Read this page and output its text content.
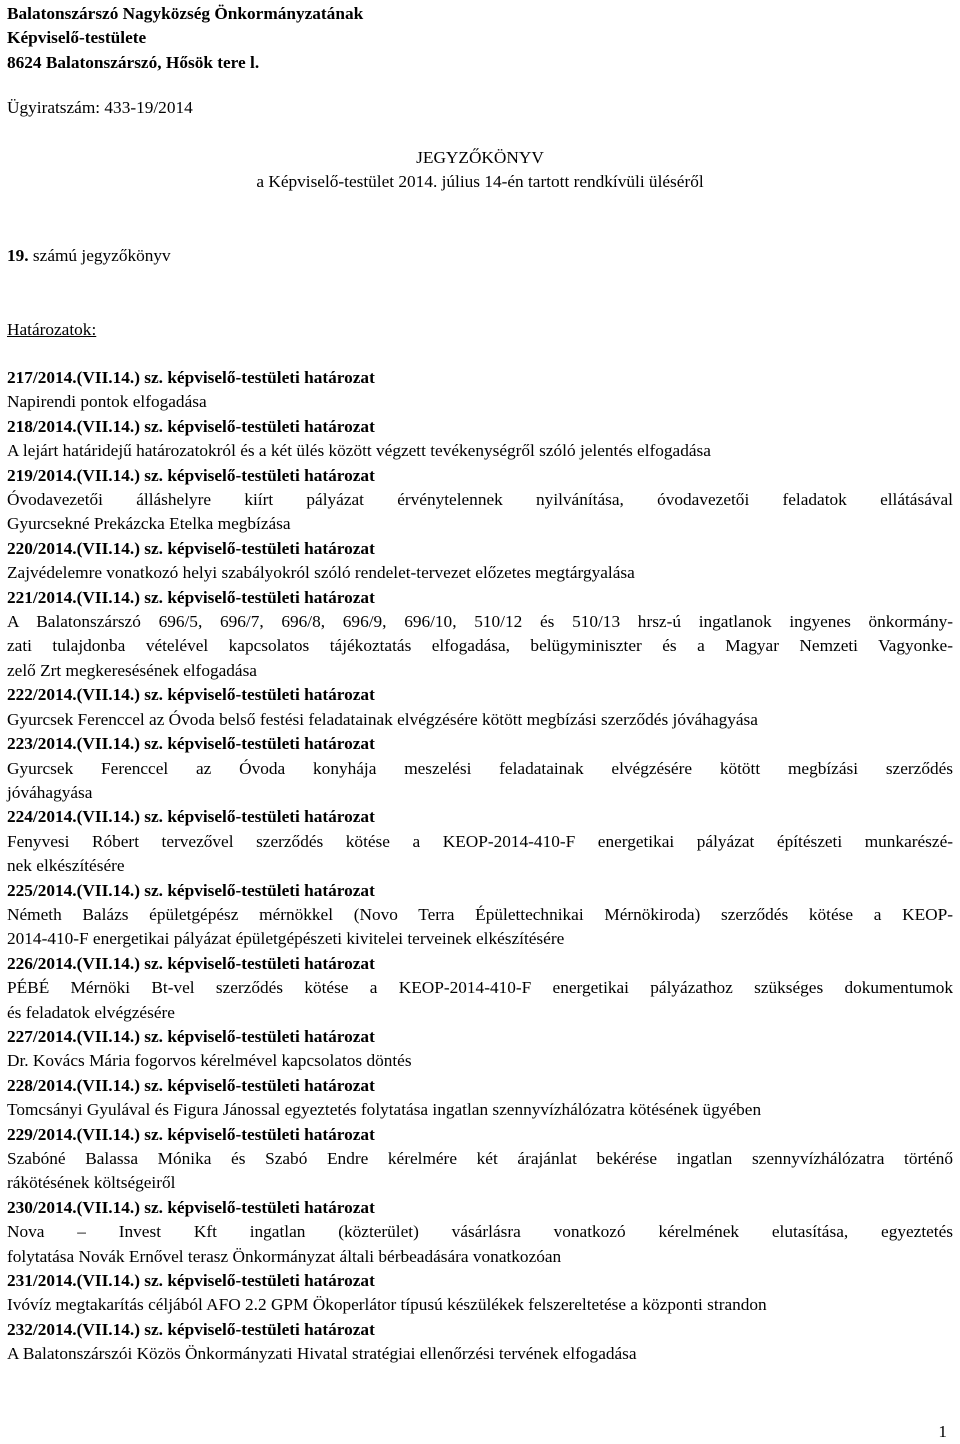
Balatonszárszó Nagyközség Önkormányzatának
Képviselő-testülete
8624 Balatonszárszó, Hősök tere l.
Ügyiratszám: 433-19/2014
JEGYZŐKÖNYV
a Képviselő-testület 2014. július 14-én tartott rendkívüli üléséről
19. számú jegyzőkönyv
Határozatok:
217/2014.(VII.14.) sz. képviselő-testületi határozat
Napirendi pontok elfogadása
218/2014.(VII.14.) sz. képviselő-testületi határozat
A lejárt határidejű határozatokról és a két ülés között végzett tevékenységről szóló jelentés elfogadása
219/2014.(VII.14.) sz. képviselő-testületi határozat
Óvodavezetői álláshelyre kiírt pályázat érvénytelennek nyilvánítása, óvodavezetői feladatok ellátásával
Gyurcsekné Prekázcka Etelka megbízása
220/2014.(VII.14.) sz. képviselő-testületi határozat
Zajvédelemre vonatkozó helyi szabályokról szóló rendelet-tervezet előzetes megtárgyalása
221/2014.(VII.14.) sz. képviselő-testületi határozat
A Balatonszárszó 696/5, 696/7, 696/8, 696/9, 696/10, 510/12 és 510/13 hrsz-ú ingatlanok ingyenes önkormány-
zati tulajdonba vételével kapcsolatos tájékoztatás elfogadása, belügyminiszter és a Magyar Nemzeti Vagyonke-
zelő Zrt megkeresésének elfogadása
222/2014.(VII.14.) sz. képviselő-testületi határozat
Gyurcsek Ferenccel az Óvoda belső festési feladatainak elvégzésére kötött megbízási szerződés jóváhagyása
223/2014.(VII.14.) sz. képviselő-testületi határozat
Gyurcsek Ferenccel az Óvoda konyhája meszelési feladatainak elvégzésére kötött megbízási szerződés
jóváhagyása
224/2014.(VII.14.) sz. képviselő-testületi határozat
Fenyvesi Róbert tervezővel szerződés kötése a KEOP-2014-410-F energetikai pályázat építészeti munkarészé-
nek elkészítésére
225/2014.(VII.14.) sz. képviselő-testületi határozat
Németh Balázs épületgépész mérnökkel (Novo Terra Épülettechnikai Mérnökiroda) szerződés kötése a KEOP-
2014-410-F energetikai pályázat épületgépészeti kivitelei terveinek elkészítésére
226/2014.(VII.14.) sz. képviselő-testületi határozat
PÉBÉ Mérnöki Bt-vel szerződés kötése a KEOP-2014-410-F energetikai pályázathoz szükséges dokumentumok
és feladatok elvégzésére
227/2014.(VII.14.) sz. képviselő-testületi határozat
Dr. Kovács Mária fogorvos kérelmével kapcsolatos döntés
228/2014.(VII.14.) sz. képviselő-testületi határozat
Tomcsányi Gyulával és Figura Jánossal egyeztetés folytatása ingatlan szennyvízhálózatra kötésének ügyében
229/2014.(VII.14.) sz. képviselő-testületi határozat
Szabóné Balassa Mónika és Szabó Endre kérelmére két árajánlat bekérése ingatlan szennyvízhálózatra történő
rákötésének költségeiről
230/2014.(VII.14.) sz. képviselő-testületi határozat
Nova – Invest Kft ingatlan (közterület) vásárlásra vonatkozó kérelmének elutasítása, egyeztetés
folytatása Novák Ernővel terasz Önkormányzat általi bérbeadására vonatkozóan
231/2014.(VII.14.) sz. képviselő-testületi határozat
Ivóvíz megtakarítás céljából AFO 2.2 GPM Ökoperlátor típusú készülékek felszereltetése a központi strandon
232/2014.(VII.14.) sz. képviselő-testületi határozat
A Balatonszárszói Közös Önkormányzati Hivatal stratégiai ellenőrzési tervének elfogadása
1
